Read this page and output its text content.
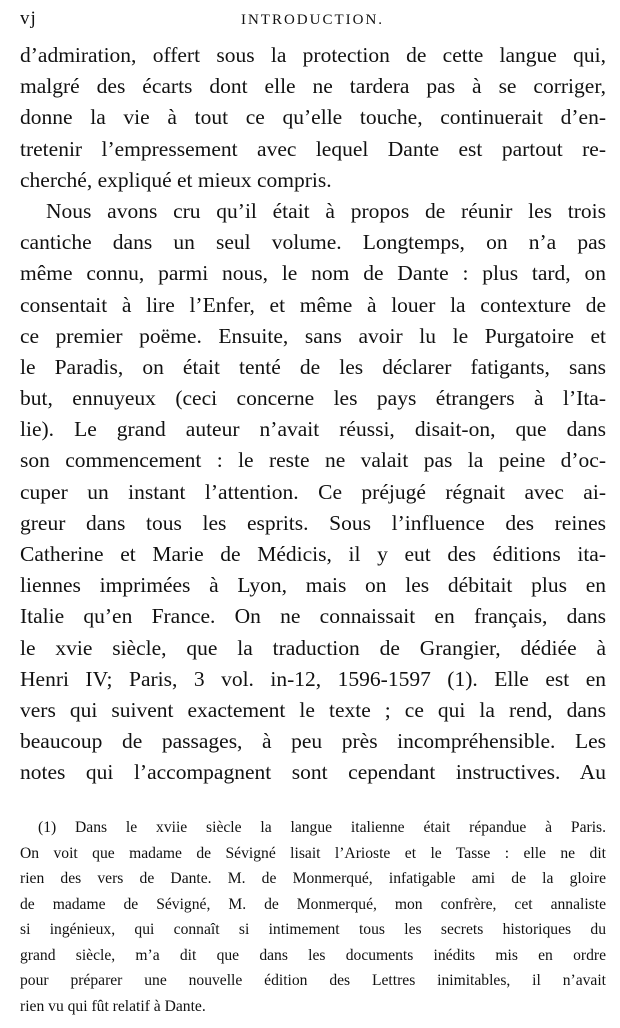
vj	INTRODUCTION.
d’admiration, offert sous la protection de cette langue qui,
malgré des écarts dont elle ne tardera pas à se corriger,
donne la vie à tout ce qu’elle touche, continuerait d’en-
tretenir l’empressement avec lequel Dante est partout re-
cherché, expliqué et mieux compris.
Nous avons cru qu’il était à propos de réunir les trois
cantiche dans un seul volume. Longtemps, on n’a pas
même connu, parmi nous, le nom de Dante : plus tard, on
consentait à lire l’Enfer, et même à louer la contexture de
ce premier poëme. Ensuite, sans avoir lu le Purgatoire et
le Paradis, on était tenté de les déclarer fatigants, sans
but, ennuyeux (ceci concerne les pays étrangers à l’Ita-
lie). Le grand auteur n’avait réussi, disait-on, que dans
son commencement : le reste ne valait pas la peine d’oc-
cuper un instant l’attention. Ce préjugé régnait avec ai-
greur dans tous les esprits. Sous l’influence des reines
Catherine et Marie de Médicis, il y eut des éditions ita-
liennes imprimées à Lyon, mais on les débitait plus en
Italie qu’en France. On ne connaissait en français, dans
le xvie siècle, que la traduction de Grangier, dédiée à
Henri IV; Paris, 3 vol. in-12, 1596-1597 (1). Elle est en
vers qui suivent exactement le texte ; ce qui la rend, dans
beaucoup de passages, à peu près incompréhensible. Les
notes qui l’accompagnent sont cependant instructives. Au
(1) Dans le xviie siècle la langue italienne était répandue à Paris.
On voit que madame de Sévigné lisait l’Arioste et le Tasse : elle ne dit
rien des vers de Dante. M. de Monmerqué, infatigable ami de la gloire
de madame de Sévigné, M. de Monmerqué, mon confrère, cet annaliste
si ingénieux, qui connaît si intimement tous les secrets historiques du
grand siècle, m’a dit que dans les documents inédits mis en ordre
pour préparer une nouvelle édition des Lettres inimitables, il n’avait
rien vu qui fût relatif à Dante.
